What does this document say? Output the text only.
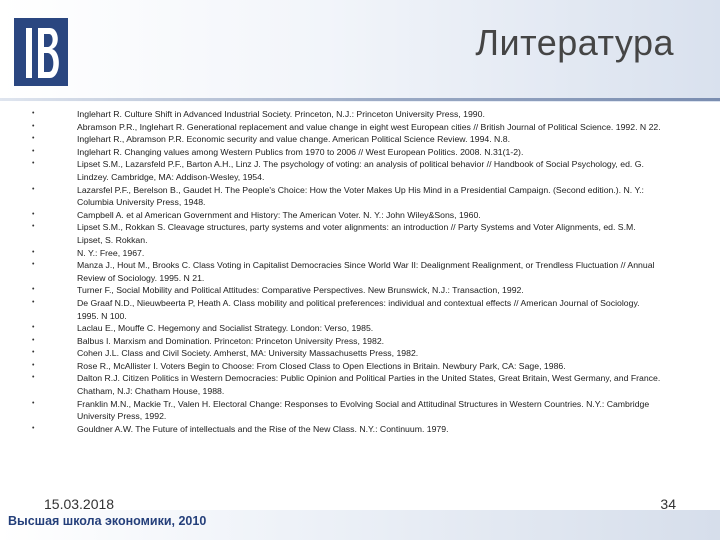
Литература
•	Inglehart R. Culture Shift in Advanced Industrial Society. Princeton, N.J.: Princeton University Press, 1990.
•	Abramson P.R., Inglehart R. Generational replacement and value change in eight west European cities // British Journal of Political Science. 1992. N 22.
•	Inglehart R., Abramson P.R. Economic security and value change. American Political Science Review. 1994. N.8.
•	Inglehart R. Changing values among Western Publics from 1970 to 2006 // West European Politics. 2008. N.31(1-2).
•	Lipset S.M., Lazarsfeld P.F., Barton A.H., Linz J. The psychology of voting: an analysis of political behavior // Handbook of Social Psychology, ed. G. Lindzey. Cambridge, MA: Addison-Wesley, 1954.
•	Lazarsfel P.F., Berelson B., Gaudet H. The People's Choice: How the Voter Makes Up His Mind in a Presidential Campaign. (Second edition.). N. Y.: Columbia University Press, 1948.
•	Campbell A. et al American Government and History: The American Voter. N. Y.: John Wiley&Sons, 1960.
•	Lipset S.M., Rokkan S. Cleavage structures, party systems and voter alignments: an introduction // Party Systems and Voter Alignments, ed. S.M. Lipset, S. Rokkan.
•	N. Y.: Free, 1967.
•	Manza J., Hout M., Brooks C. Class Voting in Capitalist Democracies Since World War II: Dealignment Realignment, or Trendless Fluctuation // Annual Review of Sociology. 1995. N 21.
•	Turner F., Social Mobility and Political Attitudes: Comparative Perspectives. New Brunswick, N.J.: Transaction, 1992.
•	De Graaf N.D., Nieuwbeerta P, Heath A. Class mobility and political preferences: individual and contextual effects // American Journal of Sociology. 1995. N 100.
•	Laclau E., Mouffe C. Hegemony and Socialist Strategy. London: Verso, 1985.
•	Balbus I. Marxism and Domination. Princeton: Princeton University Press, 1982.
•	Cohen J.L. Class and Civil Society. Amherst, MA: University Massachusetts Press, 1982.
•	Rose R., McAllister I. Voters Begin to Choose: From Closed Class to Open Elections in Britain. Newbury Park, CA: Sage, 1986.
•	Dalton R.J. Citizen Politics in Western Democracies: Public Opinion and Political Parties in the United States, Great Britain, West Germany, and France. Chatham, N.J: Chatham House, 1988.
•	Franklin M.N., Mackie Tr., Valen H. Electoral Change: Responses to Evolving Social and Attitudinal Structures in Western Countries. N.Y.: Cambridge University Press, 1992.
•	Gouldner A.W. The Future of intellectuals and the Rise of the New Class. N.Y.: Continuum. 1979.
15.03.2018	34
Высшая школа экономики, 2010
